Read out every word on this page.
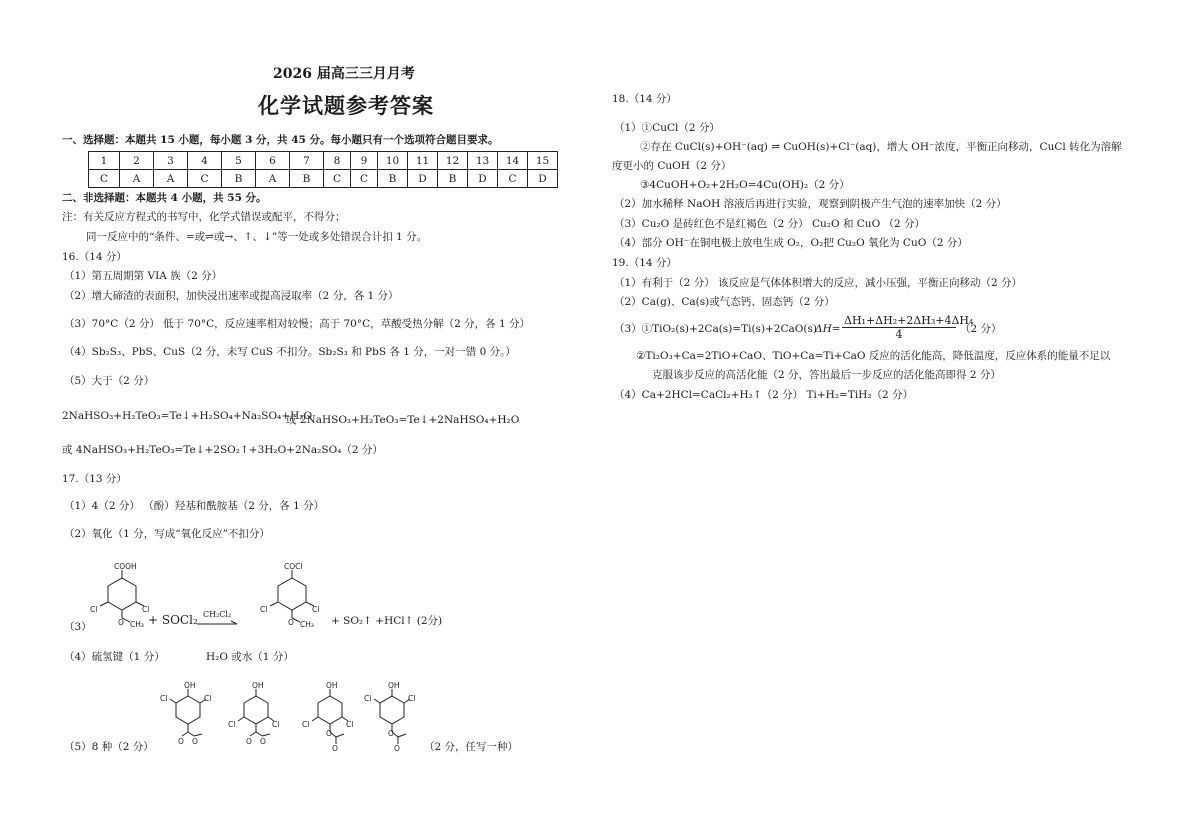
2026 届高三三月月考
化学试题参考答案
一、选择题：本题共 15 小题，每小题 3 分，共 45 分。每小题只有一个选项符合题目要求。
1	2	3	4	5	6	7	8	9	10	11	12	13	14	15
C	A	A	C	B	A	B	C	C	B	D	B	D	C	D
二、非选择题：本题共 4 小题，共 55 分。
注：有关反应方程式的书写中，化学式错误或配平，不得分；
同一反应中的“条件、=或⇌或→、↑、↓”等一处或多处错误合计扣 1 分。
16.（14 分）
（1）第五周期第 VIA 族（2 分）
（2）增大碲渣的表面积，加快浸出速率或提高浸取率（2 分，各 1 分）
（3）70°C（2 分） 低于 70°C，反应速率相对较慢；高于 70°C，草酸受热分解（2 分，各 1 分）
（4）Sb₂S₃、PbS、CuS（2 分，未写 CuS 不扣分。Sb₂S₃ 和 PbS 各 1 分，一对一错 0 分。）
（5）大于（2 分）
2NaHSO₃+H₂TeO₃=Te↓+H₂SO₄+Na₂SO₄+H₂O
或 2NaHSO₃+H₂TeO₃=Te↓+2NaHSO₄+H₂O
或 4NaHSO₃+H₂TeO₃=Te↓+2SO₂↑+3H₂O+2Na₂SO₄（2 分）
17.（13 分）
（1）4（2 分） （酚）羟基和酰胺基（2 分，各 1 分）
（2）氧化（1 分，写成“氧化反应”不扣分）
（3）
COOH
Cl	Cl
O CH₃ + SOCl₂ CH₂Cl₂
COCl
Cl	Cl
O CH₃ + SO₂↑ +HCl↑ (2分)
（4）硫氢键（1 分）	H₂O 或水（1 分）
OH
Cl	Cl
O O
OH
Cl	Cl
O O
OH
Cl	Cl
O
O
OH
Cl	Cl
O
O
（5）8 种（2 分）	（2 分，任写一种）
18.（14 分）
（1）①CuCl（2 分）
②存在 CuCl(s)+OH⁻(aq) ⇌ CuOH(s)+Cl⁻(aq)，增大 OH⁻浓度，平衡正向移动，CuCl 转化为溶解
度更小的 CuOH（2 分）
③4CuOH+O₂+2H₂O=4Cu(OH)₂（2 分）
（2）加水稀释 NaOH 溶液后再进行实验，观察到阴极产生气泡的速率加快（2 分）
（3）Cu₂O 是砖红色不是红褐色（2 分） Cu₂O 和 CuO （2 分）
（4）部分 OH⁻在铜电极上放电生成 O₂，O₂把 Cu₂O 氧化为 CuO（2 分）
19.（14 分）
（1）有利于（2 分） 该反应是气体体积增大的反应，减小压强，平衡正向移动（2 分）
（2）Ca(g)、Ca(s)或气态钙、固态钙（2 分）
（3）①TiO₂(s)+2Ca(s)=Ti(s)+2CaO(s)
$\Delta H= \frac{\text{ΔH₁+ΔH₂+2ΔH₃+4ΔH₄}}{4} (2$ 分）
②Ti₂O₃+Ca=2TiO+CaO、TiO+Ca=Ti+CaO 反应的活化能高，降低温度，反应体系的能量不足以
克服该步反应的高活化能（2 分，答出最后一步反应的活化能高即得 2 分）
（4）Ca+2HCl=CaCl₂+H₂↑（2 分） Ti+H₂=TiH₂（2 分）
